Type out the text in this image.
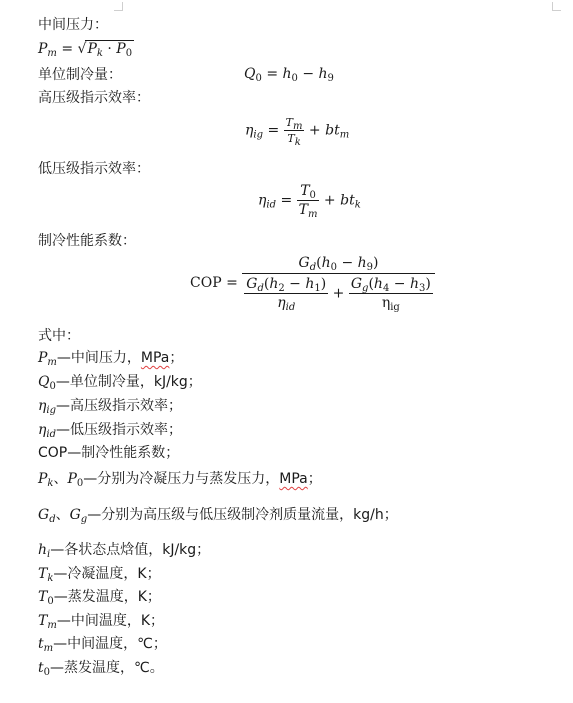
中间压力：
$P_m = √P_k \cdot P_0$
单位制冷量：	$Q_0 = h_0 - h_9$
高压级指示效率：
$\eta_{ig} = \frac{T_m}{T_k} + bt_m$
低压级指示效率：
$\eta_{id} = \frac{T_0}{T_m} + bt_k$
制冷性能系数：
COP = $\frac{G_d(h_0 - h_9)}{\frac{G_d(h_2 - h_1)}{\eta_{id}} + \frac{G_g(h_4 - h_3)}{\eta_{ig}}}$
式中：
$P_m—$中间压力，MPa；
$Q_0—$单位制冷量，kJ/kg；
$\eta_{ig}—$高压级指示效率；
$\eta_{id}—$低压级指示效率；
COP—制冷性能系数；
$P_k$、$P_0—$分别为冷凝压力与蒸发压力，MPa；
$G_d$、$G_g—$分别为高压级与低压级制冷剂质量流量，kg/h；
$h_i—$各状态点焓值，kJ/kg；
$T_k—$冷凝温度，K；
$T_0—$蒸发温度，K；
$T_m—$中间温度，K；
$t_m—$中间温度，℃；
$t_0—$蒸发温度，℃。
